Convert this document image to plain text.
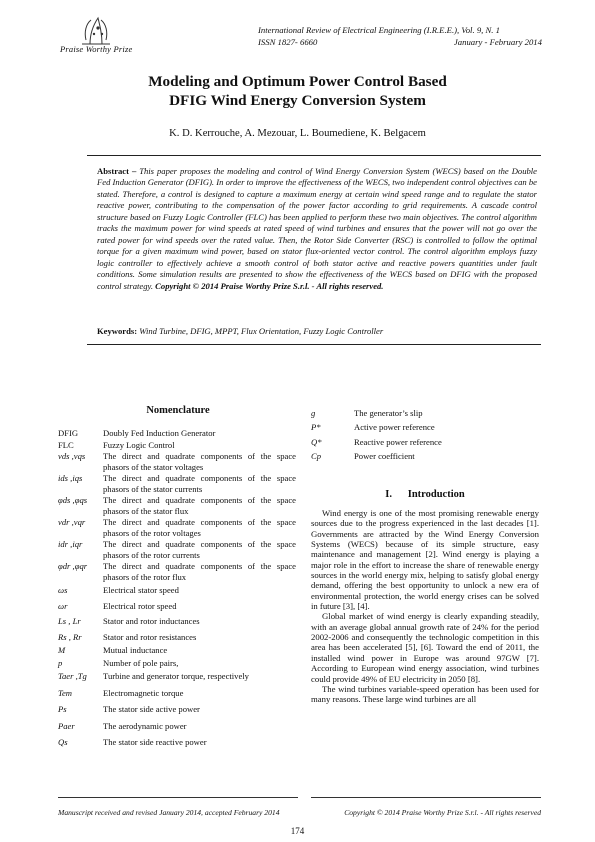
Praise Worthy Prize
International Review of Electrical Engineering (I.R.E.E.), Vol. 9, N. 1
ISSN 1827- 6660	January - February 2014
Modeling and Optimum Power Control Based
DFIG Wind Energy Conversion System
K. D. Kerrouche, A. Mezouar, L. Boumediene, K. Belgacem
Abstract – This paper proposes the modeling and control of Wind Energy Conversion System (WECS) based on the Double Fed Induction Generator (DFIG). In order to improve the effectiveness of the WECS, two independent control objectives can be stated. Therefore, a control is designed to capture a maximum energy at certain wind speed range and to regulate the stator reactive power, contributing to the compensation of the power factor according to grid requirements. A cascade control structure based on Fuzzy Logic Controller (FLC) has been applied to perform these two main objectives. The control algorithm tracks the maximum power for wind speeds at rated speed of wind turbines and ensures that the power will not go over the rated power for wind speeds over the rated value. Then, the Rotor Side Converter (RSC) is controlled to follow the optimal torque for a given maximum wind power, based on stator flux-oriented vector control. The control algorithm employs fuzzy logic controller to effectively achieve a smooth control of both stator active and reactive powers quantities under fault conditions. Some simulation results are presented to show the effectiveness of the WECS based on DFIG with the proposed control strategy. Copyright © 2014 Praise Worthy Prize S.r.l. - All rights reserved.
Keywords: Wind Turbine, DFIG, MPPT, Flux Orientation, Fuzzy Logic Controller
Nomenclature
DFIG	Doubly Fed Induction Generator
FLC	Fuzzy Logic Control
vds ,vqs	The direct and quadrate components of the space phasors of the stator voltages
ids ,iqs	The direct and quadrate components of the space phasors of the stator currents
φds ,φqs	The direct and quadrate components of the space phasors of the stator flux
vdr ,vqr	The direct and quadrate components of the space phasors of the rotor voltages
idr ,iqr	The direct and quadrate components of the space phasors of the rotor currents
φdr ,φqr	The direct and quadrate components of the space phasors of the rotor flux
ωs	Electrical stator speed
ωr	Electrical rotor speed
Ls , Lr	Stator and rotor inductances
Rs , Rr	Stator and rotor resistances
M	Mutual inductance
p	Number of pole pairs,
Taer ,Tg	Turbine and generator torque, respectively
Tem	Electromagnetic torque
Ps	The stator side active power
Paer	The aerodynamic power
Qs	The stator side reactive power
g	The generator’s slip
P*	Active power reference
Q*	Reactive power reference
Cp	Power coefficient
I.      Introduction

Wind energy is one of the most promising renewable energy sources due to the progress experienced in the last decades [1]. Governments are attracted by the Wind Energy Conversion Systems (WECS) because of its simple structure, easy maintenance and management [2]. Wind energy is playing a major role in the effort to increase the share of renewable energy sources in the world energy mix, helping to satisfy global energy demand, offering the best opportunity to unlock a new era of environmental protection, the world energy crises can be solved in future [3], [4].

Global market of wind energy is clearly expanding steadily, with an average global annual growth rate of 24% for the period 2002-2006 and consequently the technologic competition in this area has been accelerated [5], [6]. Toward the end of 2011, the installed wind power in Europe was around 97GW [7]. According to European wind energy association, wind turbines could provide 49% of EU electricity in 2050 [8].

The wind turbines variable-speed operation has been used for many reasons. These large wind turbines are all

Manuscript received and revised January 2014, accepted February 2014	Copyright © 2014 Praise Worthy Prize S.r.l. - All rights reserved
174
